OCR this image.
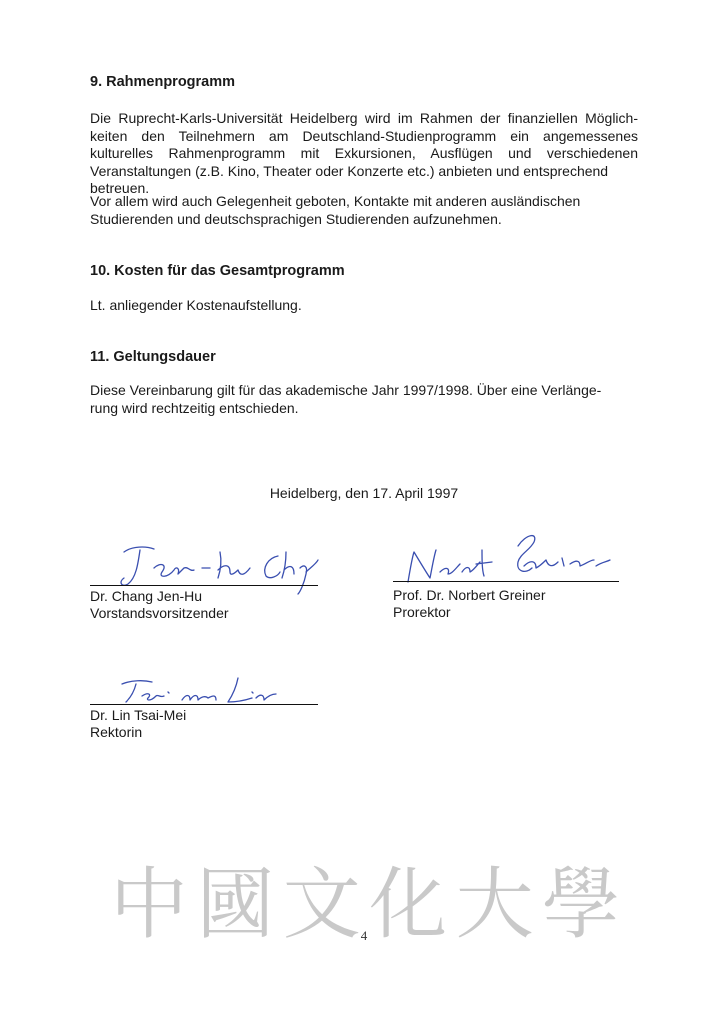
9. Rahmenprogramm

Die Ruprecht-Karls-Universität Heidelberg wird im Rahmen der finanziellen Möglich- keiten den Teilnehmern am Deutschland-Studienprogramm ein angemessenes kulturelles Rahmenprogramm mit Exkursionen, Ausflügen und verschiedenen Veranstaltungen (z.B. Kino, Theater oder Konzerte etc.) anbieten und entsprechend
betreuen.

Vor allem wird auch Gelegenheit geboten, Kontakte mit anderen ausländischen
Studierenden und deutschsprachigen Studierenden aufzunehmen.

10. Kosten für das Gesamtprogramm

Lt. anliegender Kostenaufstellung.

11. Geltungsdauer

Diese Vereinbarung gilt für das akademische Jahr 1997/1998. Über eine Verlänge-
rung wird rechtzeitig entschieden.

Heidelberg, den 17. April 1997

Dr. Chang Jen-Hu

Vorstandsvorsitzender

Prof. Dr. Norbert Greiner

Prorektor

Dr. Lin Tsai-Mei

Rektorin

中 國 文 化 大 學
4
